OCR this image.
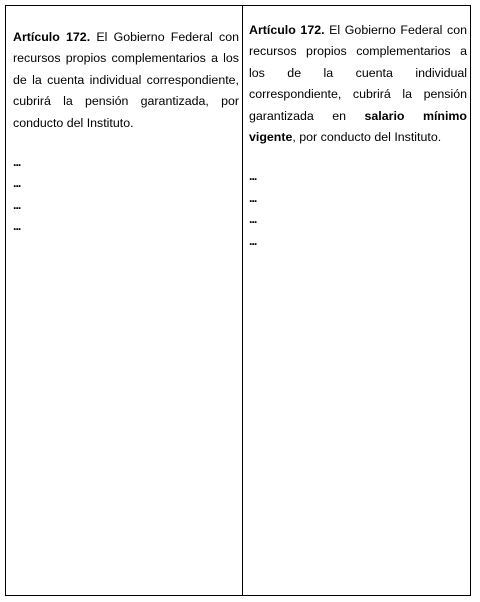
Artículo 172. El Gobierno Federal con recursos propios complementarios a los de la cuenta individual correspondiente, cubrirá la pensión garantizada, por conducto del Instituto.

...
...
...
...

Artículo 172. El Gobierno Federal con recursos propios complementarios a los de la cuenta individual correspondiente, cubrirá la pensión garantizada en salario mínimo vigente, por conducto del Instituto.

...
...
...
...
